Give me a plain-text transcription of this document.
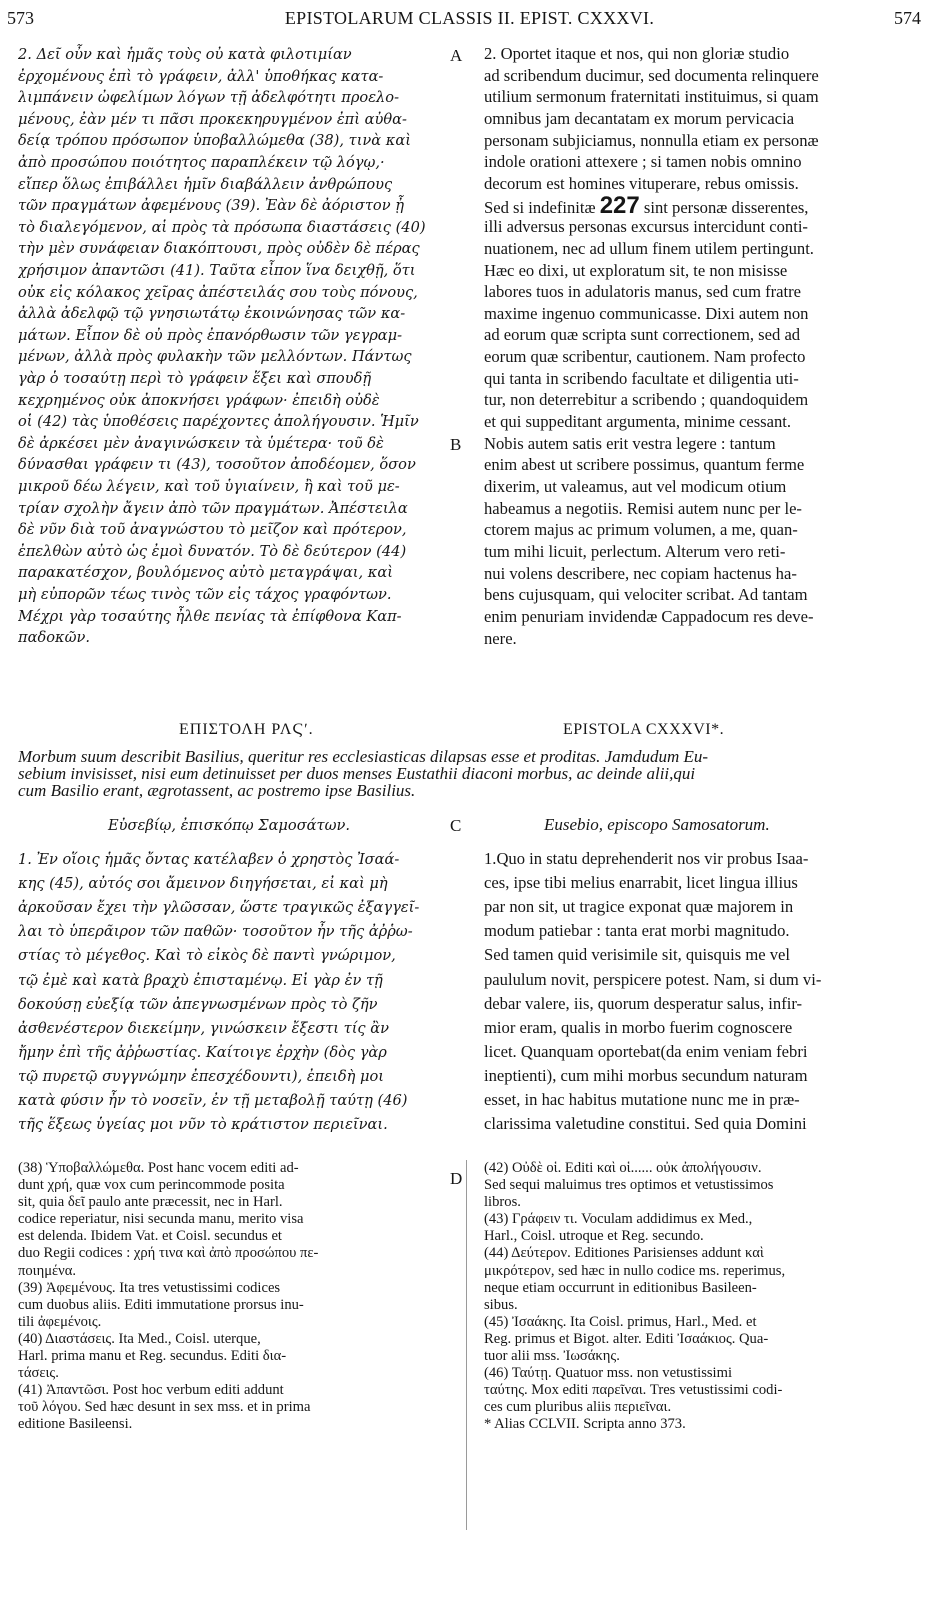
573	EPISTOLARUM CLASSIS II. EPIST. CXXXVI.	574
2. Δεῖ οὖν καὶ ἡμᾶς τοὺς οὐ κατὰ φιλοτιμίαν
ἐρχομένους ἐπὶ τὸ γράφειν, ἀλλ' ὑποθήκας κατα-
λιμπάνειν ὠφελίμων λόγων τῇ ἀδελφότητι προελο-
μένους, ἐὰν μέν τι πᾶσι προκεκηρυγμένον ἐπὶ αὐθα-
δείᾳ τρόπου πρόσωπον ὑποβαλλώμεθα (38), τινὰ καὶ
ἀπὸ προσώπου ποιότητος παραπλέκειν τῷ λόγῳ,·
εἴπερ ὅλως ἐπιβάλλει ἡμῖν διαβάλλειν ἀνθρώπους
τῶν πραγμάτων ἀφεμένους (39). Ἐὰν δὲ ἀόριστον ᾖ
τὸ διαλεγόμενον, αἱ πρὸς τὰ πρόσωπα διαστάσεις (40)
τὴν μὲν συνάφειαν διακόπτουσι, πρὸς οὐδὲν δὲ πέρας
χρήσιμον ἀπαντῶσι (41). Ταῦτα εἶπον ἵνα δειχθῇ, ὅτι
οὐκ εἰς κόλακος χεῖρας ἀπέστειλάς σου τοὺς πόνους,
ἀλλὰ ἀδελφῷ τῷ γνησιωτάτῳ ἐκοινώνησας τῶν κα-
μάτων. Εἶπον δὲ οὐ πρὸς ἐπανόρθωσιν τῶν γεγραμ-
μένων, ἀλλὰ πρὸς φυλακὴν τῶν μελλόντων. Πάντως
γὰρ ὁ τοσαύτῃ περὶ τὸ γράφειν ἕξει καὶ σπουδῇ
κεχρημένος οὐκ ἀποκνήσει γράφων· ἐπειδὴ οὐδὲ
οἱ (42) τὰς ὑποθέσεις παρέχοντες ἀπολήγουσιν. Ἡμῖν
δὲ ἀρκέσει μὲν ἀναγινώσκειν τὰ ὑμέτερα· τοῦ δὲ
δύνασθαι γράφειν τι (43), τοσοῦτον ἀποδέομεν, ὅσον
μικροῦ δέω λέγειν, καὶ τοῦ ὑγιαίνειν, ἢ καὶ τοῦ με-
τρίαν σχολὴν ἄγειν ἀπὸ τῶν πραγμάτων. Ἀπέστειλα
δὲ νῦν διὰ τοῦ ἀναγνώστου τὸ μεῖζον καὶ πρότερον,
ἐπελθὼν αὐτὸ ὡς ἐμοὶ δυνατόν. Τὸ δὲ δεύτερον (44)
παρακατέσχον, βουλόμενος αὐτὸ μεταγράψαι, καὶ
μὴ εὐπορῶν τέως τινὸς τῶν εἰς τάχος γραφόντων.
Μέχρι γὰρ τοσαύτης ἦλθε πενίας τὰ ἐπίφθονα Καπ-
παδοκῶν.
2. Oportet itaque et nos, qui non gloriæ studio
ad scribendum ducimur, sed documenta relinquere
utilium sermonum fraternitati instituimus, si quam
omnibus jam decantatam ex morum pervicacia
personam subjiciamus, nonnulla etiam ex personæ
indole orationi attexere ; si tamen nobis omnino
decorum est homines vituperare, rebus omissis.
Sed si indefinitæ 227 sint personæ disserentes,
illi adversus personas excursus intercidunt conti-
nuationem, nec ad ullum finem utilem pertingunt.
Hæc eo dixi, ut exploratum sit, te non misisse
labores tuos in adulatoris manus, sed cum fratre
maxime ingenuo communicasse. Dixi autem non
ad eorum quæ scripta sunt correctionem, sed ad
eorum quæ scribentur, cautionem. Nam profecto
qui tanta in scribendo facultate et diligentia uti-
tur, non deterrebitur a scribendo ; quandoquidem
et qui suppeditant argumenta, minime cessant.
Nobis autem satis erit vestra legere : tantum
enim abest ut scribere possimus, quantum ferme
dixerim, ut valeamus, aut vel modicum otium
habeamus a negotiis. Remisi autem nunc per le-
ctorem majus ac primum volumen, a me, quan-
tum mihi licuit, perlectum. Alterum vero reti-
nui volens describere, nec copiam hactenus ha-
bens cujusquam, qui velociter scribat. Ad tantam
enim penuriam invidendæ Cappadocum res deve-
nere.
A
B
C
D
ΕΠΙΣΤΟΛΗ ΡΛϚʹ.	EPISTOLA CXXXVI*.
Morbum suum describit Basilius, queritur res ecclesiasticas dilapsas esse et proditas. Jamdudum Eu-
sebium invisisset, nisi eum detinuisset per duos menses Eustathii diaconi morbus, ac deinde alii,qui
cum Basilio erant, ægrotassent, ac postremo ipse Basilius.
Εὐσεβίῳ, ἐπισκόπῳ Σαμοσάτων.	Eusebio, episcopo Samosatorum.
1. Ἐν οἵοις ἡμᾶς ὄντας κατέλαβεν ὁ χρηστὸς Ἰσαά-
κης (45), αὐτός σοι ἄμεινον διηγήσεται, εἰ καὶ μὴ
ἀρκοῦσαν ἔχει τὴν γλῶσσαν, ὥστε τραγικῶς ἐξαγγεῖ-
λαι τὸ ὑπερᾶιρον τῶν παθῶν· τοσοῦτον ἦν τῆς ἀῤῥω-
στίας τὸ μέγεθος. Καὶ τὸ εἰκὸς δὲ παντὶ γνώριμον,
τῷ ἐμὲ καὶ κατὰ βραχὺ ἐπισταμένῳ. Εἰ γὰρ ἐν τῇ
δοκούσῃ εὐεξίᾳ τῶν ἀπεγνωσμένων πρὸς τὸ ζῆν
ἀσθενέστερον διεκείμην, γινώσκειν ἔξεστι τίς ἂν
ἤμην ἐπὶ τῆς ἀῤῥωστίας. Καίτοιγε ἐρχὴν (δὸς γὰρ
τῷ πυρετῷ συγγνώμην ἐπεσχέδουντι), ἐπειδὴ μοι
κατὰ φύσιν ἦν τὸ νοσεῖν, ἐν τῇ μεταβολῇ ταύτῃ (46)
τῆς ἕξεως ὑγείας μοι νῦν τὸ κράτιστον περιεῖναι.
1.Quo in statu deprehenderit nos vir probus Isaa-
ces, ipse tibi melius enarrabit, licet lingua illius
par non sit, ut tragice exponat quæ majorem in
modum patiebar : tanta erat morbi magnitudo.
Sed tamen quid verisimile sit, quisquis me vel
paululum novit, perspicere potest. Nam, si dum vi-
debar valere, iis, quorum desperatur salus, infir-
mior eram, qualis in morbo fuerim cognoscere
licet. Quanquam oportebat(da enim veniam febri
ineptienti), cum mihi morbus secundum naturam
esset, in hac habitus mutatione nunc me in præ-
clarissima valetudine constitui. Sed quia Domini
(38) Ὑποβαλλώμεθα. Post hanc vocem editi ad-
dunt χρή, quæ vox cum perincommode posita
sit, quia δεῖ paulo ante præcessit, nec in Harl.
codice reperiatur, nisi secunda manu, merito visa
est delenda. Ibidem Vat. et Coisl. secundus et
duo Regii codices : χρή τινα καὶ ἀπὸ προσώπου πε-
ποιημένα.
(39) Ἀφεμένους. Ita tres vetustissimi codices
cum duobus aliis. Editi immutatione prorsus inu-
tili ἀφεμένοις.
(40) Διαστάσεις. Ita Med., Coisl. uterque,
Harl. prima manu et Reg. secundus. Editi δια-
τάσεις.
(41) Ἀπαντῶσι. Post hoc verbum editi addunt
τοῦ λόγου. Sed hæc desunt in sex mss. et in prima
editione Basileensi.
(42) Οὐδὲ οἱ. Editi καὶ οἱ...... οὐκ ἀπολήγουσιν.
Sed sequi maluimus tres optimos et vetustissimos
libros.
(43) Γράφειν τι. Voculam addidimus ex Med.,
Harl., Coisl. utroque et Reg. secundo.
(44) Δεύτερον. Editiones Parisienses addunt καὶ
μικρότερον, sed hæc in nullo codice ms. reperimus,
neque etiam occurrunt in editionibus Basileen-
sibus.
(45) Ἰσαάκης. Ita Coisl. primus, Harl., Med. et
Reg. primus et Bigot. alter. Editi Ἰσαάκιος. Qua-
tuor alii mss. Ἰωσάκης.
(46) Ταύτῃ. Quatuor mss. non vetustissimi
ταύτης. Mox editi παρεῖναι. Tres vetustissimi codi-
ces cum pluribus aliis περιεῖναι.
* Alias CCLVII. Scripta anno 373.
